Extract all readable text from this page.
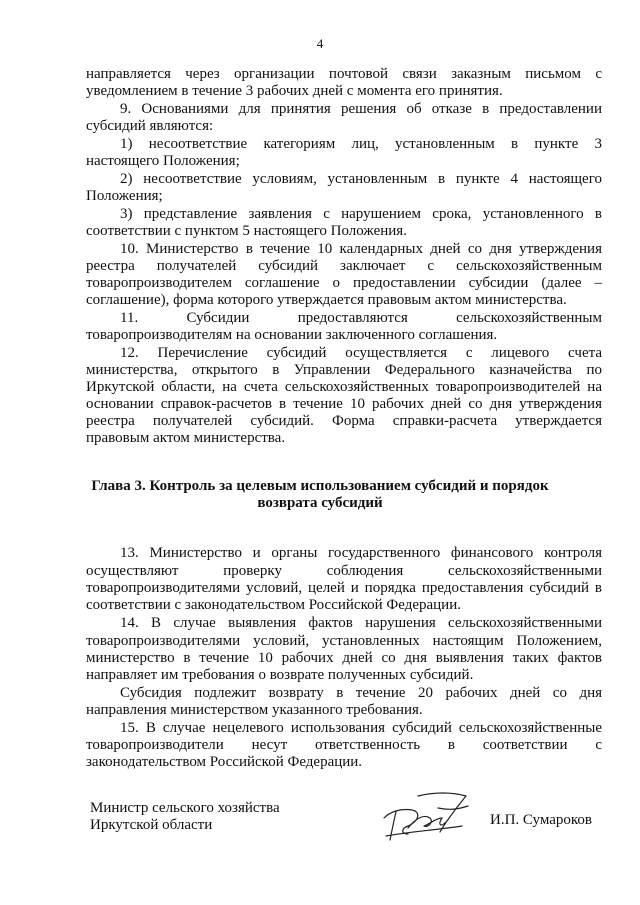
4
направляется через организации почтовой связи заказным письмом с
уведомлением в течение 3 рабочих дней с момента его принятия.
9. Основаниями для принятия решения об отказе в предоставлении
субсидий являются:
1) несоответствие категориям лиц, установленным в пункте 3
настоящего Положения;
2) несоответствие условиям, установленным в пункте 4 настоящего
Положения;
3) представление заявления с нарушением срока, установленного в
соответствии с пунктом 5 настоящего Положения.
10. Министерство в течение 10 календарных дней со дня утверждения
реестра получателей субсидий заключает с сельскохозяйственным
товаропроизводителем соглашение о предоставлении субсидии (далее –
соглашение), форма которого утверждается правовым актом министерства.
11. Субсидии предоставляются сельскохозяйственным
товаропроизводителям на основании заключенного соглашения.
12. Перечисление субсидий осуществляется с лицевого счета
министерства, открытого в Управлении Федерального казначейства по
Иркутской области, на счета сельскохозяйственных товаропроизводителей на
основании справок-расчетов в течение 10 рабочих дней со дня утверждения
реестра получателей субсидий. Форма справки-расчета утверждается
правовым актом министерства.
Глава 3. Контроль за целевым использованием субсидий и порядок
возврата субсидий
13. Министерство и органы государственного финансового контроля
осуществляют проверку соблюдения сельскохозяйственными
товаропроизводителями условий, целей и порядка предоставления субсидий в
соответствии с законодательством Российской Федерации.
14. В случае выявления фактов нарушения сельскохозяйственными
товаропроизводителями условий, установленных настоящим Положением,
министерство в течение 10 рабочих дней со дня выявления таких фактов
направляет им требования о возврате полученных субсидий.
Субсидия подлежит возврату в течение 20 рабочих дней со дня
направления министерством указанного требования.
15. В случае нецелевого использования субсидий сельскохозяйственные
товаропроизводители несут ответственность в соответствии с
законодательством Российской Федерации.
Министр сельского хозяйства
Иркутской области	И.П. Сумароков
